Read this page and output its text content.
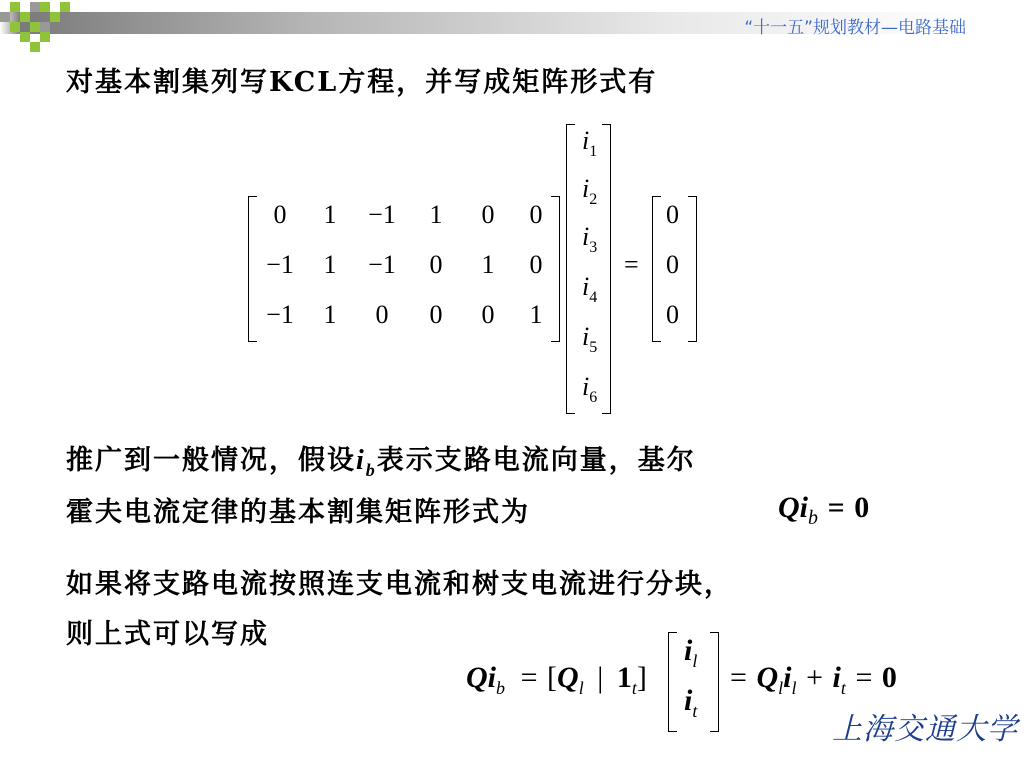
“十一五”规划教材—电路基础
对基本割集列写KCL方程，并写成矩阵形式有
0	1	−1	1	0	0
−1	1	−1	0	1	0
−1	1	0	0	0	1
$i_1$
$i_2$
$i_3$
$i_4$
$i_5$
$i_6$
=
0
0
0
推广到一般情况，假设$i_b$表示支路电流向量，基尔
霍夫电流定律的基本割集矩阵形式为	$Qi_b = 0$
如果将支路电流按照连支电流和树支电流进行分块，
则上式可以写成
$Qi_b = [Q_l$ | $1_t$]
$i_l$
$i_t$
= $Q_li_l + i_t = 0$
上海交通大学
